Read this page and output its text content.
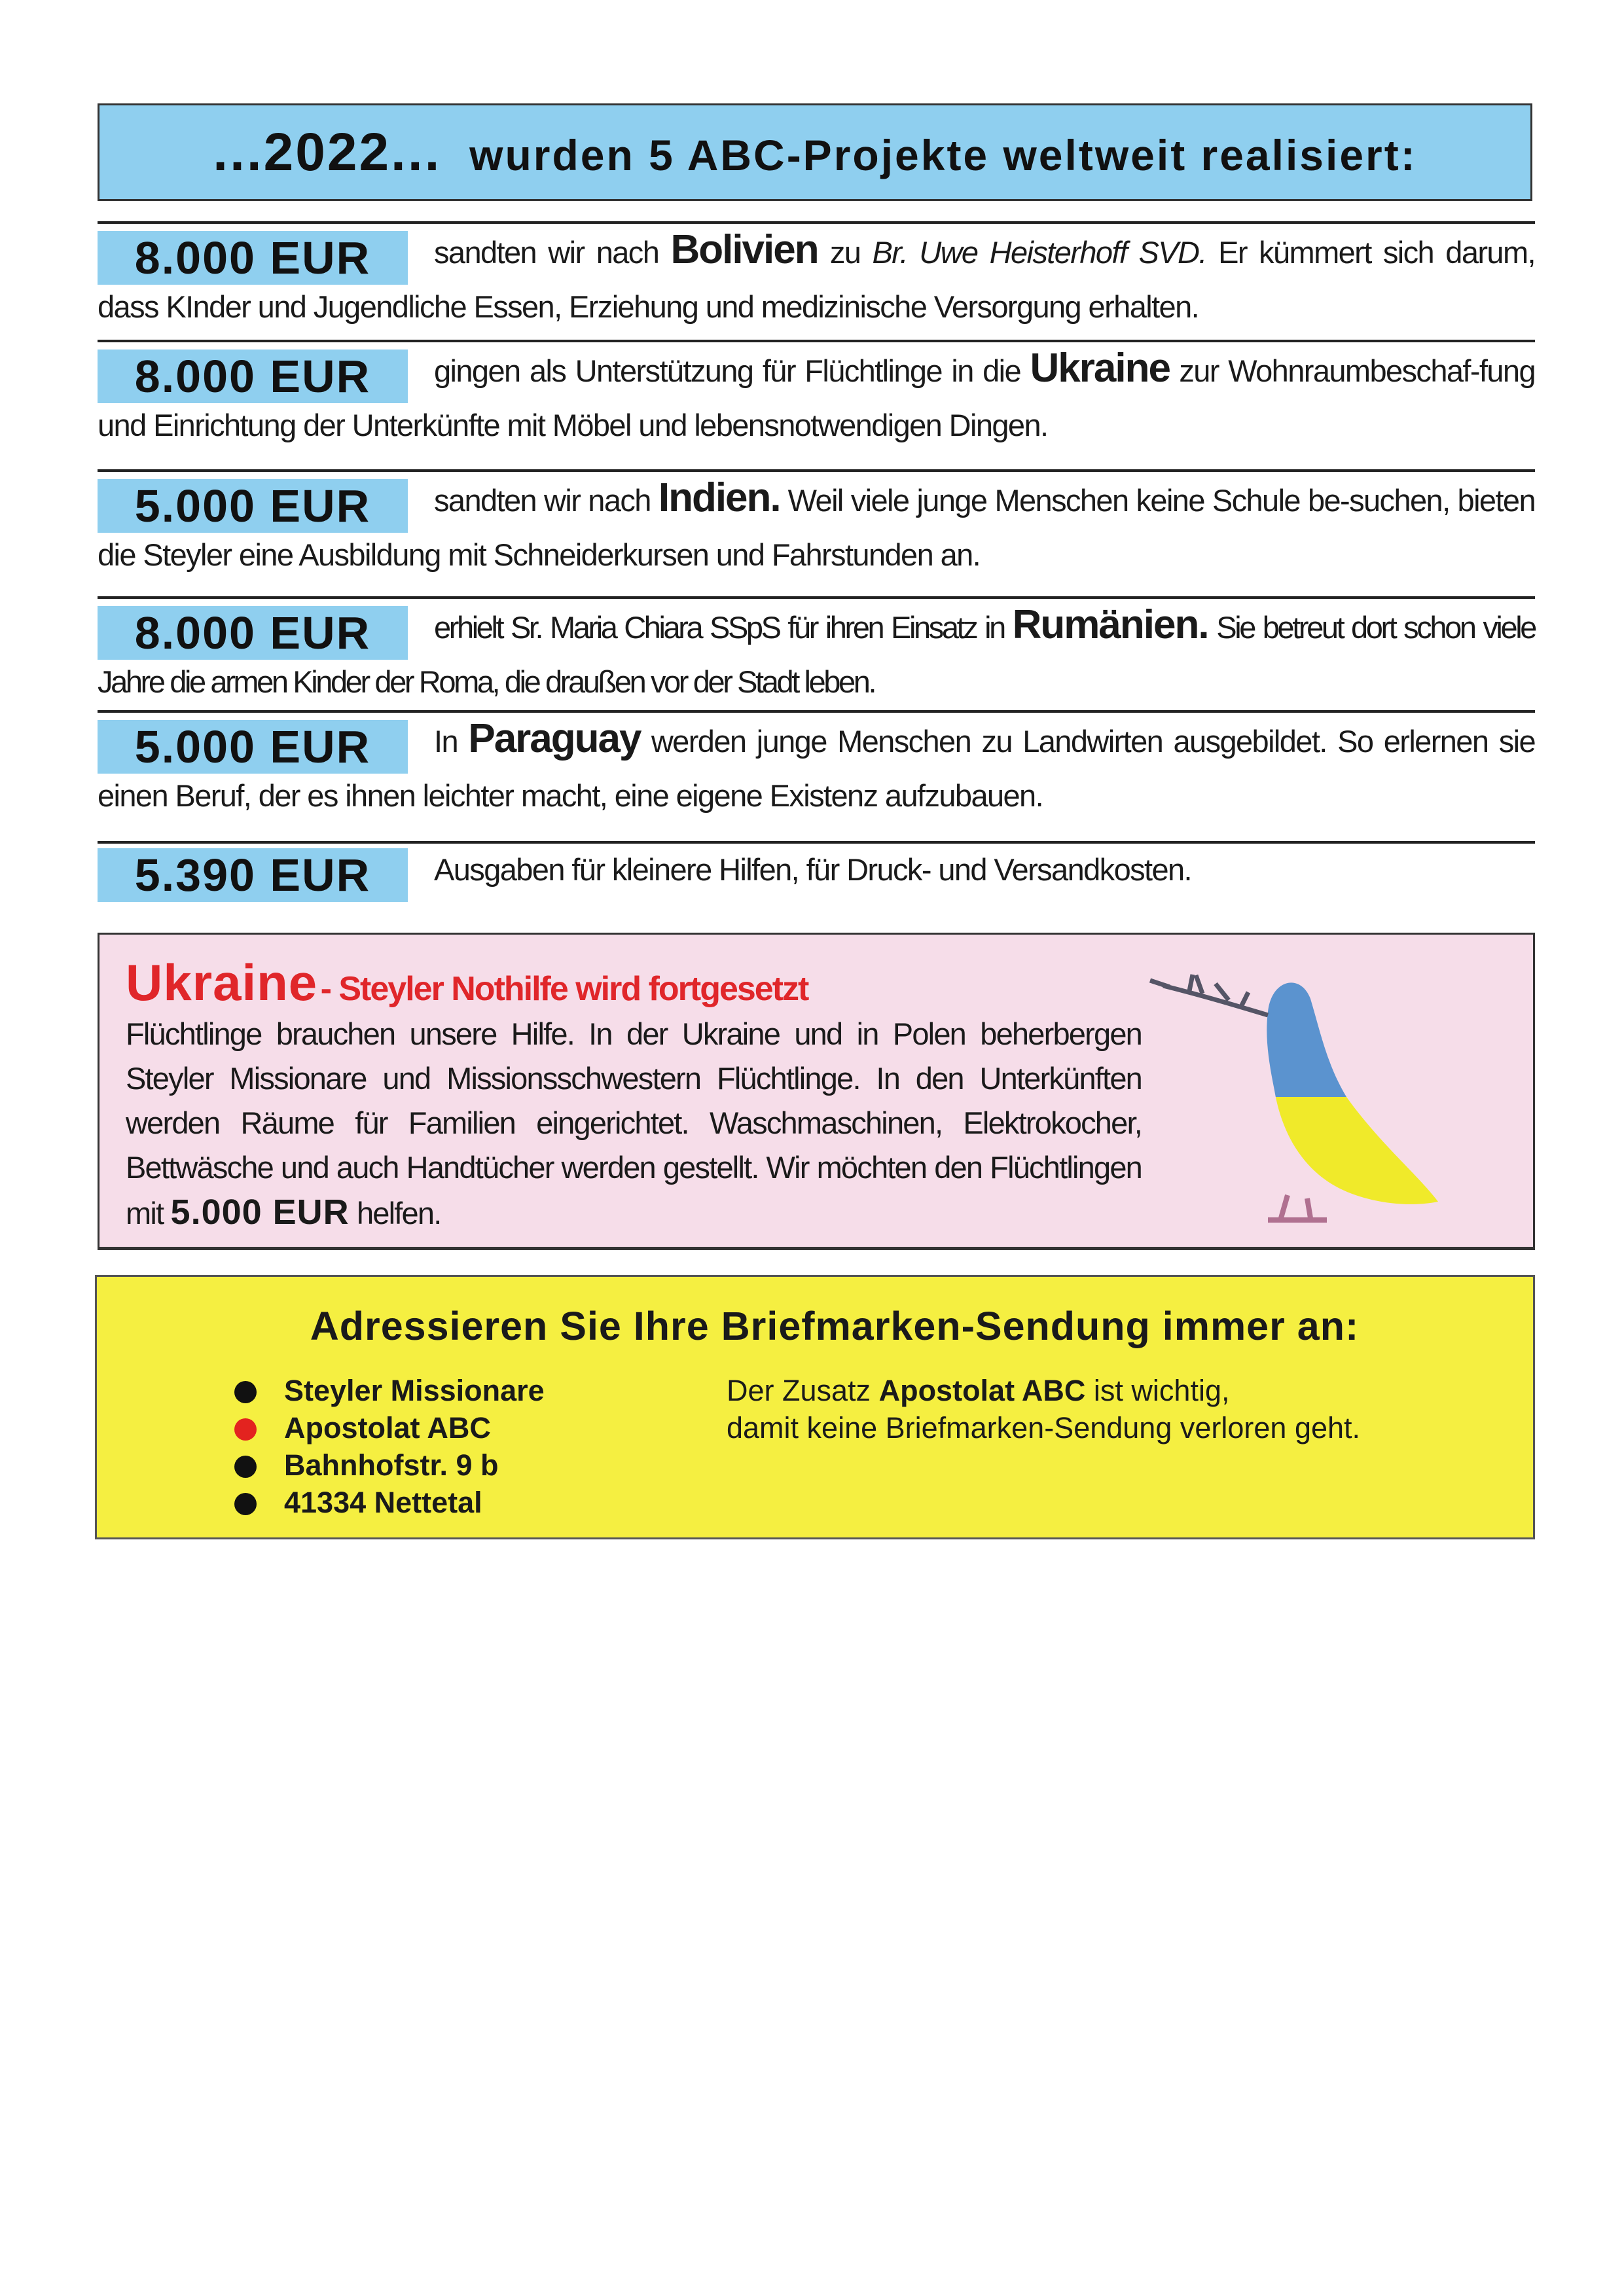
...2022... wurden 5 ABC-Projekte weltweit realisiert:

8.000 EUR sandten wir nach Bolivien zu Br. Uwe Heisterhoff SVD. Er kümmert sich darum, dass KInder und Jugendliche Essen, Erziehung und medizinische Versorgung erhalten.

8.000 EUR gingen als Unterstützung für Flüchtlinge in die Ukraine zur Wohnraumbeschaf-fung und Einrichtung der Unterkünfte mit Möbel und lebensnotwendigen Dingen.

5.000 EUR sandten wir nach Indien. Weil viele junge Menschen keine Schule be-suchen, bieten die Steyler eine Ausbildung mit Schneiderkursen und Fahrstunden an.

8.000 EUR erhielt Sr. Maria Chiara SSpS für ihren Einsatz in Rumänien. Sie betreut dort schon viele Jahre die armen Kinder der Roma, die draußen vor der Stadt leben.

5.000 EUR In Paraguay werden junge Menschen zu Landwirten ausgebildet. So erlernen sie einen Beruf, der es ihnen leichter macht, eine eigene Existenz aufzubauen.

5.390 EUR Ausgaben für kleinere Hilfen, für Druck- und Versandkosten.

Ukraine - Steyler Nothilfe wird fortgesetzt
Flüchtlinge brauchen unsere Hilfe. In der Ukraine und in Polen beherbergen Steyler Missionare und Missionsschwestern Flüchtlinge. In den Unterkünften werden Räume für Familien eingerichtet. Waschmaschinen, Elektrokocher, Bettwäsche und auch Handtücher werden gestellt. Wir möchten den Flüchtlingen mit 5.000 EUR helfen.
Adressieren Sie Ihre Briefmarken-Sendung immer an:
Steyler Missionare
Apostolat ABC
Bahnhofstr. 9 b
41334 Nettetal
Der Zusatz Apostolat ABC ist wichtig,
damit keine Briefmarken-Sendung verloren geht.
